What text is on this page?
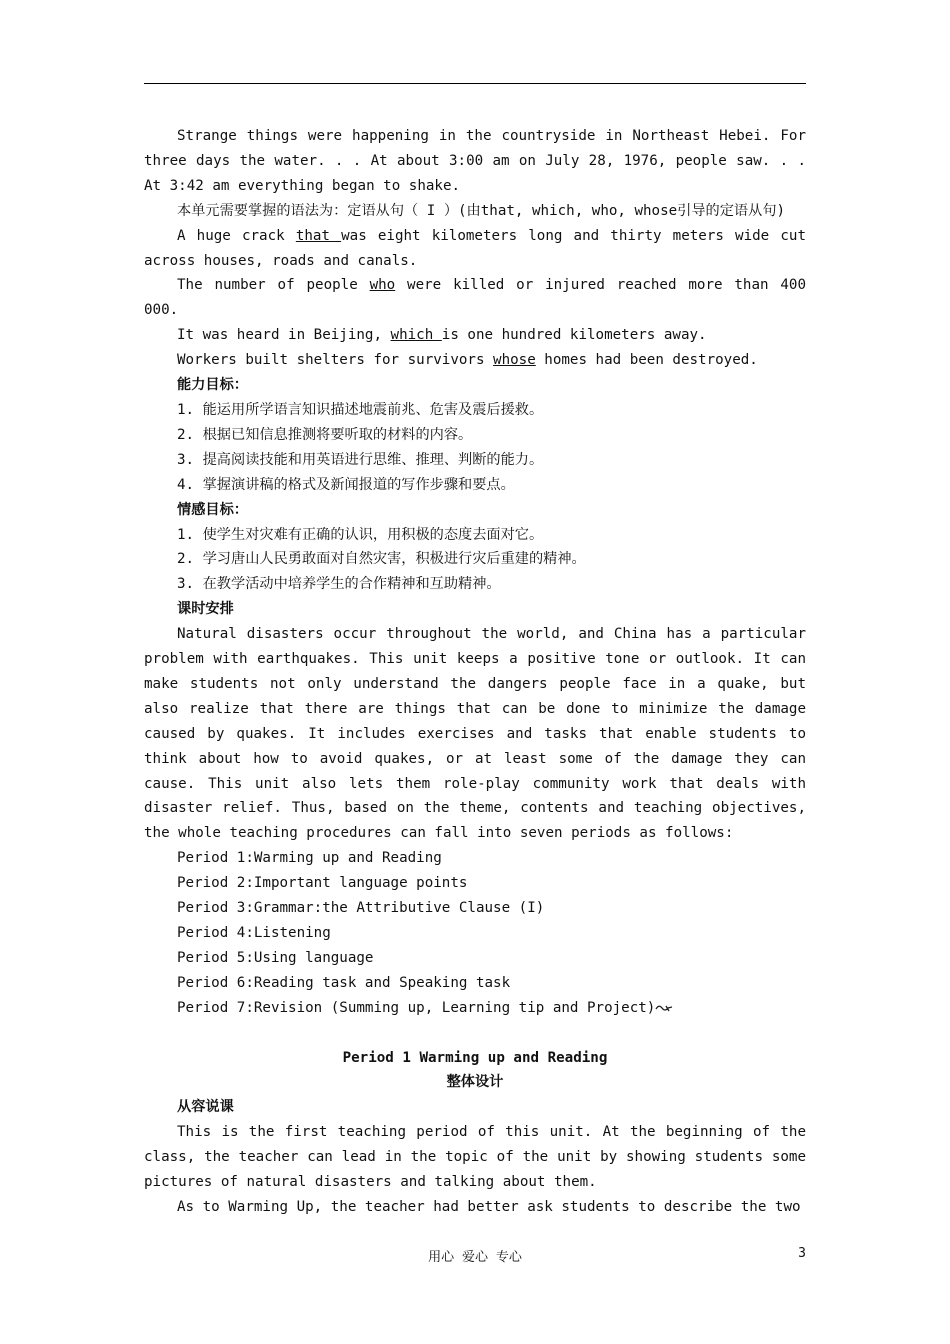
Strange things were happening in the countryside in Northeast Hebei. For three days the water. . . At about 3:00 am on July 28, 1976, people saw. . . At 3:42 am everything began to shake.

本单元需要掌握的语法为：定语从句（ I ）(由that, which, who, whose引导的定语从句)

A huge crack that was eight kilometers long and thirty meters wide cut across houses, roads and canals.

The number of people who were killed or injured reached more than 400 000.

It was heard in Beijing, which is one hundred kilometers away.

Workers built shelters for survivors whose homes had been destroyed.

能力目标：

1. 能运用所学语言知识描述地震前兆、危害及震后援救。

2. 根据已知信息推测将要听取的材料的内容。

3. 提高阅读技能和用英语进行思维、推理、判断的能力。

4. 掌握演讲稿的格式及新闻报道的写作步骤和要点。

情感目标：

1. 使学生对灾难有正确的认识，用积极的态度去面对它。

2. 学习唐山人民勇敢面对自然灾害，积极进行灾后重建的精神。

3. 在教学活动中培养学生的合作精神和互助精神。

课时安排

Natural disasters occur throughout the world, and China has a particular problem with earthquakes. This unit keeps a positive tone or outlook. It can make students not only understand the dangers people face in a quake, but also realize that there are things that can be done to minimize the damage caused by quakes. It includes exercises and tasks that enable students to think about how to avoid quakes, or at least some of the damage they can cause. This unit also lets them role-play community work that deals with disaster relief. Thus, based on the theme, contents and teaching objectives, the whole teaching procedures can fall into seven periods as follows:

Period 1:Warming up and Reading

Period 2:Important language points

Period 3:Grammar:the Attributive Clause (I)

Period 4:Listening

Period 5:Using language

Period 6:Reading task and Speaking task

Period 7:Revision (Summing up, Learning tip and Project)

Period 1 Warming up and Reading

整体设计

从容说课

This is the first teaching period of this unit. At the beginning of the class, the teacher can lead in the topic of the unit by showing students some pictures of natural disasters and talking about them.

As to Warming Up, the teacher had better ask students to describe the two

用心 爱心 专心	3
